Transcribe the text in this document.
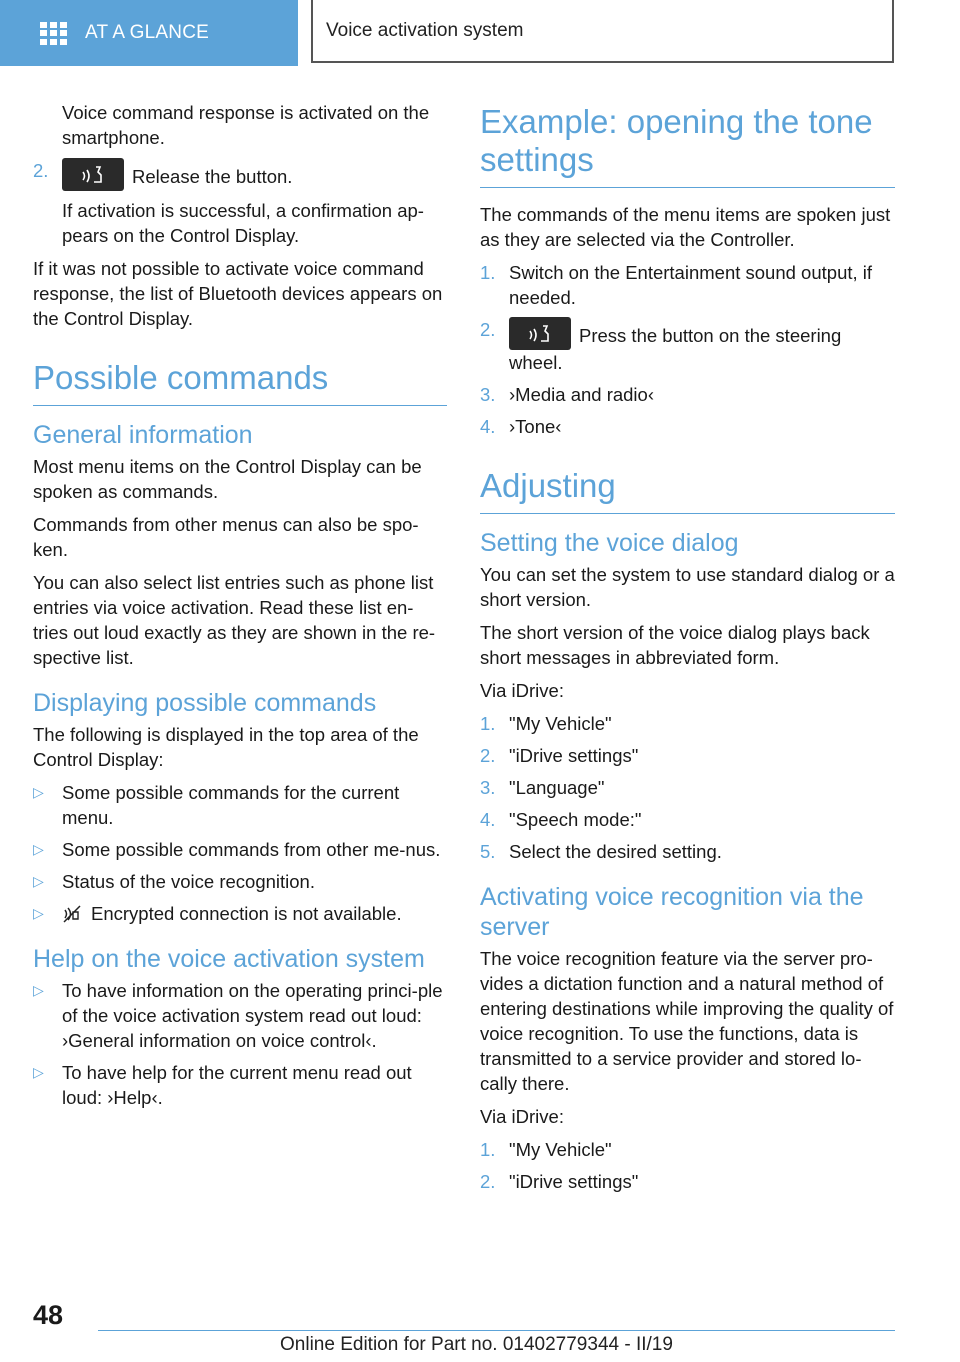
AT A GLANCE	Voice activation system

Voice command response is activated on the smartphone.

2.	Release the button.

If activation is successful, a confirmation ap-pears on the Control Display.

If it was not possible to activate voice command response, the list of Bluetooth devices appears on the Control Display.

Possible commands
General information

Most menu items on the Control Display can be spoken as commands.

Commands from other menus can also be spo-ken.

You can also select list entries such as phone list entries via voice activation. Read these list en-tries out loud exactly as they are shown in the re-spective list.

Displaying possible commands

The following is displayed in the top area of the Control Display:

▷ Some possible commands for the current menu.
▷ Some possible commands from other me-nus.
▷ Status of the voice recognition.
▷	Encrypted connection is not available.
Help on the voice activation system
▷ To have information on the operating princi-ple of the voice activation system read out loud: ›General information on voice control‹.
▷ To have help for the current menu read out loud: ›Help‹.
Example: opening the tone settings

The commands of the menu items are spoken just as they are selected via the Controller.

1. Switch on the Entertainment sound output, if needed.
2.	Press the button on the steering wheel.
3. ›Media and radio‹
4. ›Tone‹
Adjusting
Setting the voice dialog

You can set the system to use standard dialog or a short version.

The short version of the voice dialog plays back short messages in abbreviated form.

Via iDrive:

1. "My Vehicle"
2. "iDrive settings"
3. "Language"
4. "Speech mode:"
5. Select the desired setting.
Activating voice recognition via the server

The voice recognition feature via the server pro-vides a dictation function and a natural method of entering destinations while improving the quality of voice recognition. To use the functions, data is transmitted to a service provider and stored lo-cally there.

Via iDrive:

1. "My Vehicle"
2. "iDrive settings"
48
Online Edition for Part no. 01402779344 - II/19
